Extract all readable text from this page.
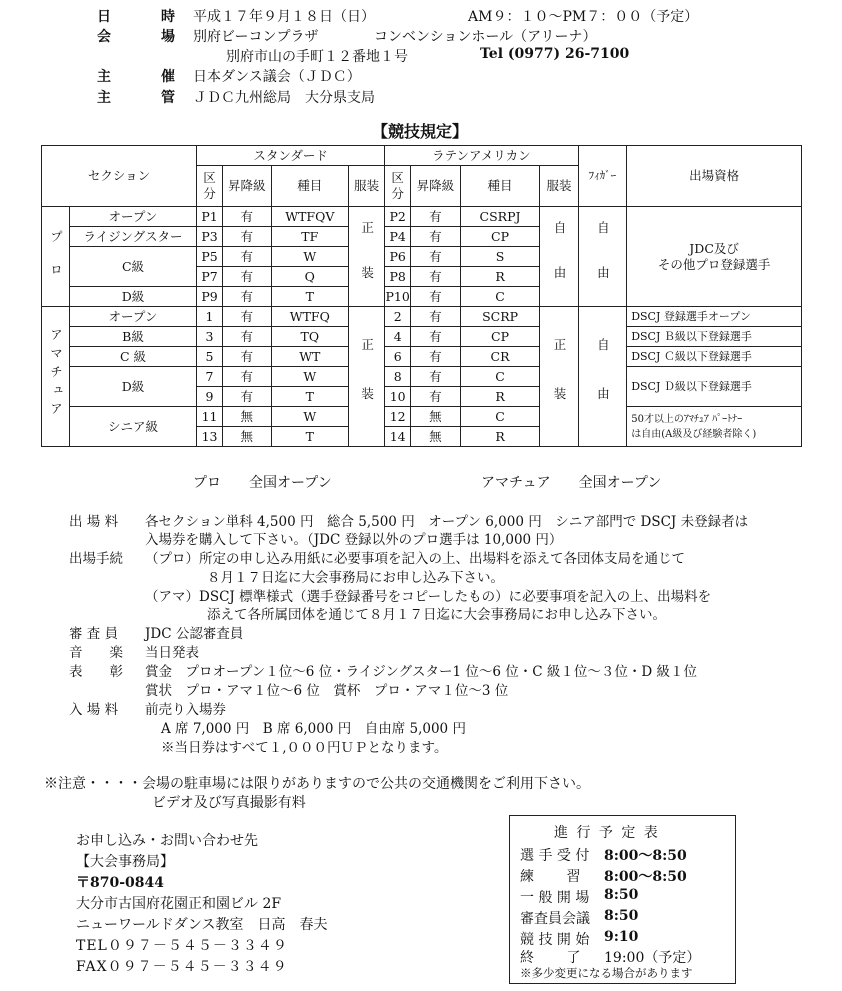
日　時 平成１７年９月１８日（日）	AM９：１０～PM７：００（予定）
会　場 別府ビーコンプラザ	コンベンションホール（アリーナ）
別府市山の手町１２番地１号	Tel (0977) 26-7100
主　催 日本ダンス議会（ＪＤＣ）
主　管 ＪＤＣ九州総局　大分県支局
【競技規定】
セクション		スタンダード				ラテンアメリカン				ﾌｨｶﾞｰ	出場資格
		区分	昇降級	種目	服装	区分	昇降級	種目	服装		
プ　ロ	オープン	P1	有	WTFQV	正　装	P2	有	CSRPJ	自　由	自　由	JDC及び
その他プロ登録選手
	ライジングスター	P3	有	TF		P4	有	CP			
	C級	P5	有	W		P6	有	S			
		P7	有	Q		P8	有	R			
	D級	P9	有	T		P10	有	C			
アマチュア	オープン	1	有	WTFQ	正　装	2	有	SCRP	正　装	自　由	DSCJ 登録選手オープン
	B級	3	有	TQ		4	有	CP			DSCJ Ｂ級以下登録選手
	C 級	5	有	WT		6	有	CR			DSCJ Ｃ級以下登録選手
	D級	7	有	W		8	有	C			DSCJ Ｄ級以下登録選手
		9	有	T		10	有	R			
	シニア級	11	無	W		12	無	C			50才以上のｱﾏﾁｭｱ ﾊﾟｰﾄﾅｰ
は自由(A級及び経験者除く)
		13	無	T		14	無	R			
プロ　　全国オープン	アマチュア　　全国オープン
出 場 料 各セクション単科 4,500 円　総合 5,500 円　オープン 6,000 円　シニア部門で DSCJ 未登録者は
入場券を購入して下さい。（JDC 登録以外のプロ選手は 10,000 円）
出場手続 （プロ）所定の申し込み用紙に必要事項を記入の上、出場料を添えて各団体支局を通じて
８月１７日迄に大会事務局にお申し込み下さい。
（アマ）DSCJ 標準様式（選手登録番号をコピーしたもの）に必要事項を記入の上、出場料を
添えて各所属団体を通じて８月１７日迄に大会事務局にお申し込み下さい。
審 査 員 JDC 公認審査員
音　　楽 当日発表
表　　彰 賞金　プロオープン１位～6 位・ライジングスター1 位～6 位・C 級１位～３位・D 級１位
賞状　プロ・アマ１位～6 位　賞杯　プロ・アマ１位～3 位
入 場 料 前売り入場券
A 席 7,000 円　B 席 6,000 円　自由席 5,000 円
※当日券はすべて１,０００円ＵＰとなります。
※注意・・・・会場の駐車場には限りがありますので公共の交通機関をご利用下さい。
ビデオ及び写真撮影有料
お申し込み・お問い合わせ先
【大会事務局】
〒870-0844
大分市古国府花園正和園ビル 2F
ニューワールドダンス教室　日高　春夫
TEL０９７－５４５－３３４９
FAX０９７－５４５－３３４９
進 行 予 定 表
選 手 受 付 8:00～8:50
練　　 習 8:00～8:50
一 般 開 場 8:50
審査員会議 8:50
競 技 開 始 9:10
終　　 了 19:00（予定）
※多少変更になる場合があります
